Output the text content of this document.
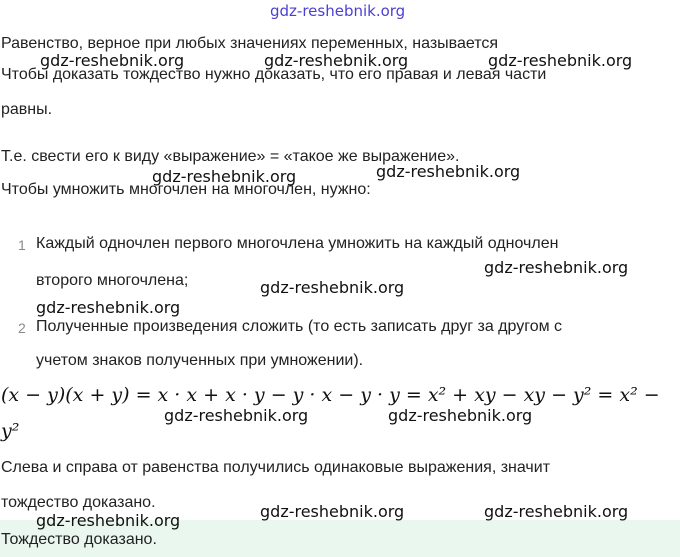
gdz-reshebnik.org
Равенство, верное при любых значениях переменных, называется
Чтобы доказать тождество нужно доказать, что его правая и левая части
равны.
Т.е. свести его к виду «выражение» = «такое же выражение».
Чтобы умножить многочлен на многочлен, нужно:
1 Каждый одночлен первого многочлена умножить на каждый одночлен
второго многочлена;
2 Полученные произведения сложить (то есть записать друг за другом с
учетом знаков полученных при умножении).
(x − y)(x + y) = x · x + x · y − y · x − y · y = x² + xy − xy − y² = x² −
y²
Слева и справа от равенства получились одинаковые выражения, значит
тождество доказано.
Тождество доказано.
gdz-reshebnik.org	gdz-reshebnik.org	gdz-reshebnik.org
gdz-reshebnik.org	gdz-reshebnik.org
gdz-reshebnik.org
gdz-reshebnik.org
gdz-reshebnik.org
gdz-reshebnik.org	gdz-reshebnik.org
gdz-reshebnik.org	gdz-reshebnik.org
gdz-reshebnik.org
